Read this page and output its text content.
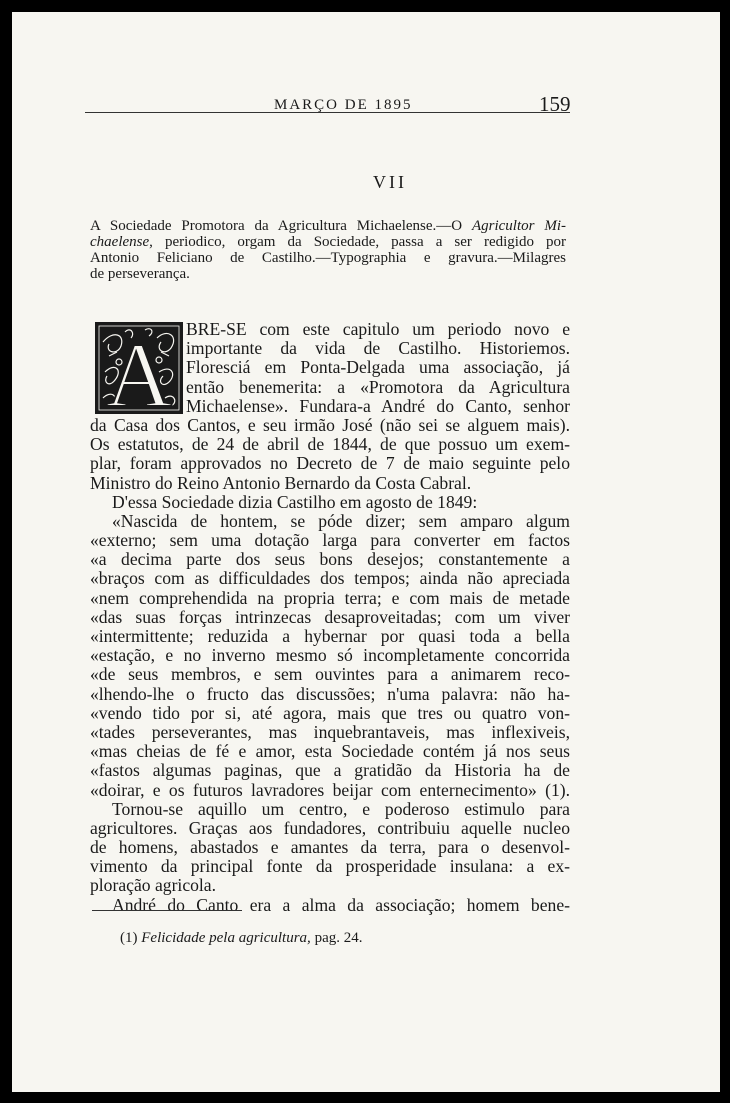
MARÇO DE 1895	159
VII
A Sociedade Promotora da Agricultura Michaelense.—O Agricultor Mi-
chaelense, periodico, orgam da Sociedade, passa a ser redigido por
Antonio Feliciano de Castilho.—Typographia e gravura.—Milagres
de perseverança.
A BRE-SE com este capitulo um periodo novo e
importante da vida de Castilho. Historiemos.
Floresciá em Ponta-Delgada uma associação, já
então benemerita: a «Promotora da Agricultura
Michaelense». Fundara-a André do Canto, senhor
da Casa dos Cantos, e seu irmão José (não sei se alguem mais).
Os estatutos, de 24 de abril de 1844, de que possuo um exem-
plar, foram approvados no Decreto de 7 de maio seguinte pelo
Ministro do Reino Antonio Bernardo da Costa Cabral.
D'essa Sociedade dizia Castilho em agosto de 1849:
«Nascida de hontem, se póde dizer; sem amparo algum
«externo; sem uma dotação larga para converter em factos
«a decima parte dos seus bons desejos; constantemente a
«braços com as difficuldades dos tempos; ainda não apreciada
«nem comprehendida na propria terra; e com mais de metade
«das suas forças intrinzecas desaproveitadas; com um viver
«intermittente; reduzida a hybernar por quasi toda a bella
«estação, e no inverno mesmo só incompletamente concorrida
«de seus membros, e sem ouvintes para a animarem reco-
«lhendo-lhe o fructo das discussões; n'uma palavra: não ha-
«vendo tido por si, até agora, mais que tres ou quatro von-
«tades perseverantes, mas inquebrantaveis, mas inflexiveis,
«mas cheias de fé e amor, esta Sociedade contém já nos seus
«fastos algumas paginas, que a gratidão da Historia ha de
«doirar, e os futuros lavradores beijar com enternecimento» (1).
Tornou-se aquillo um centro, e poderoso estimulo para
agricultores. Graças aos fundadores, contribuiu aquelle nucleo
de homens, abastados e amantes da terra, para o desenvol-
vimento da principal fonte da prosperidade insulana: a ex-
ploração agricola.
André do Canto era a alma da associação; homem bene-
(1) Felicidade pela agricultura, pag. 24.
